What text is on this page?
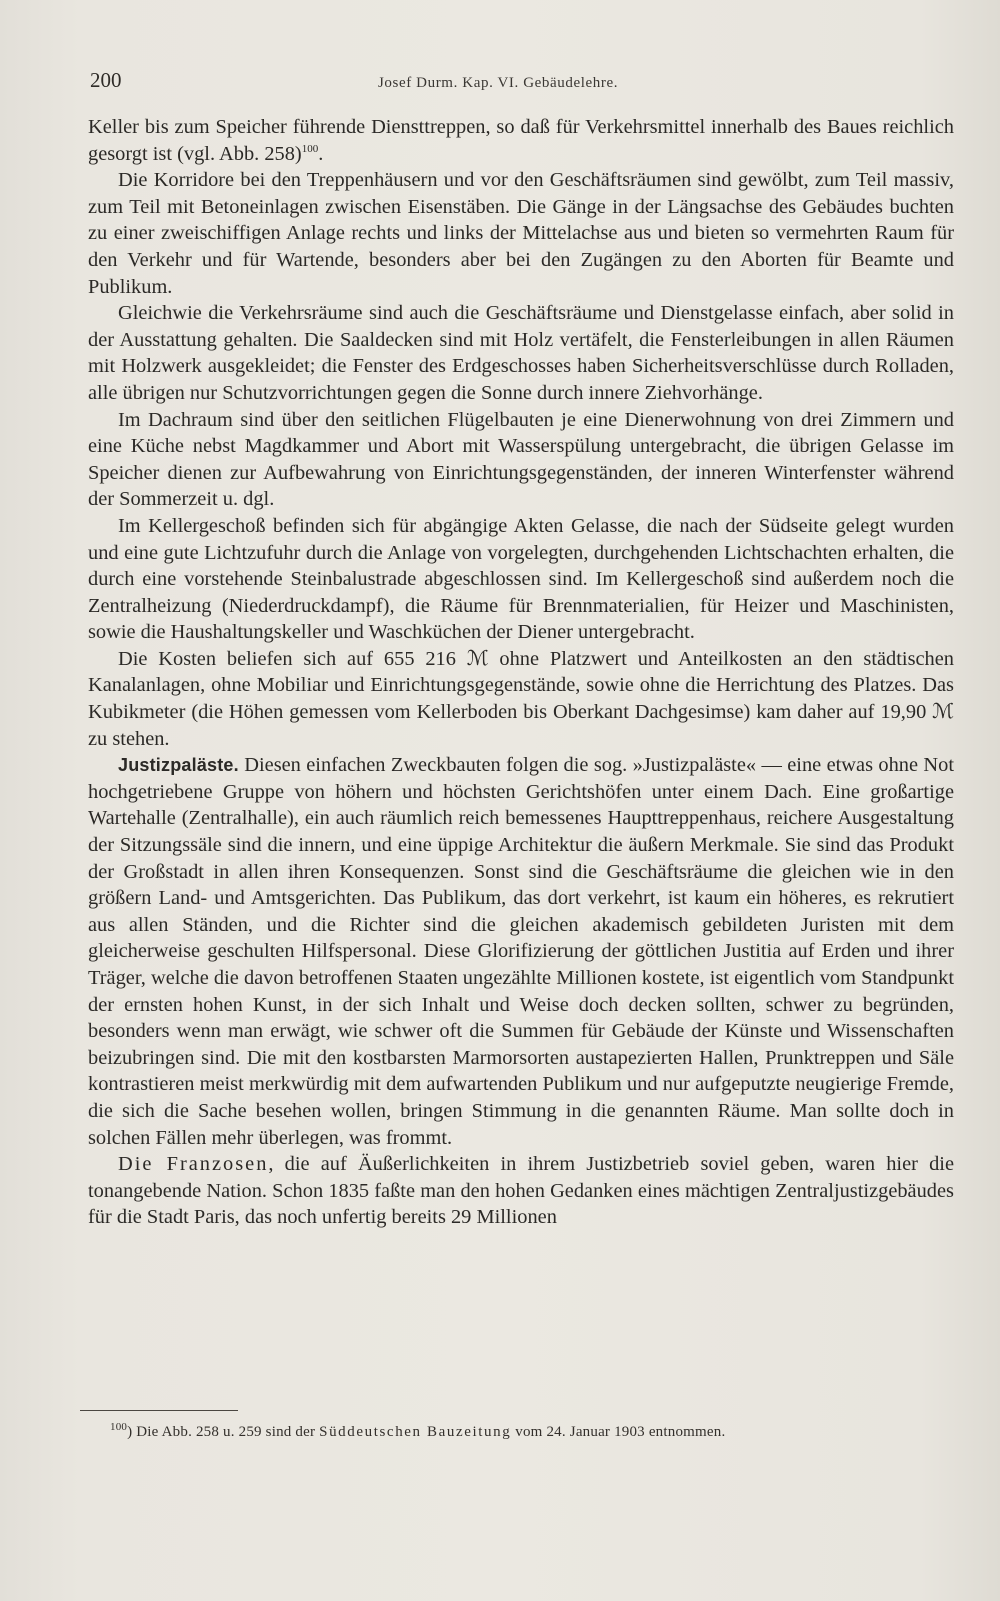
200	Josef Durm. Kap. VI. Gebäudelehre.

Keller bis zum Speicher führende Diensttreppen, so daß für Verkehrsmittel innerhalb des Baues reichlich gesorgt ist (vgl. Abb. 258)$^{100}$.

Die Korridore bei den Treppenhäusern und vor den Geschäftsräumen sind gewölbt, zum Teil massiv, zum Teil mit Betoneinlagen zwischen Eisenstäben. Die Gänge in der Längsachse des Gebäudes buchten zu einer zweischiffigen Anlage rechts und links der Mittelachse aus und bieten so vermehrten Raum für den Verkehr und für Wartende, besonders aber bei den Zugängen zu den Aborten für Beamte und Publikum.

Gleichwie die Verkehrsräume sind auch die Geschäftsräume und Dienstgelasse einfach, aber solid in der Ausstattung gehalten. Die Saaldecken sind mit Holz vertäfelt, die Fensterleibungen in allen Räumen mit Holzwerk ausgekleidet; die Fenster des Erdgeschosses haben Sicherheitsverschlüsse durch Rolladen, alle übrigen nur Schutzvorrichtungen gegen die Sonne durch innere Ziehvorhänge.

Im Dachraum sind über den seitlichen Flügelbauten je eine Dienerwohnung von drei Zimmern und eine Küche nebst Magdkammer und Abort mit Wasserspülung untergebracht, die übrigen Gelasse im Speicher dienen zur Aufbewahrung von Einrichtungsgegenständen, der inneren Winterfenster während der Sommerzeit u. dgl.

Im Kellergeschoß befinden sich für abgängige Akten Gelasse, die nach der Südseite gelegt wurden und eine gute Lichtzufuhr durch die Anlage von vorgelegten, durchgehenden Lichtschachten erhalten, die durch eine vorstehende Steinbalustrade abgeschlossen sind. Im Kellergeschoß sind außerdem noch die Zentralheizung (Niederdruckdampf), die Räume für Brennmaterialien, für Heizer und Maschinisten, sowie die Haushaltungskeller und Waschküchen der Diener untergebracht.

Die Kosten beliefen sich auf 655 216 ℳ ohne Platzwert und Anteilkosten an den städtischen Kanalanlagen, ohne Mobiliar und Einrichtungsgegenstände, sowie ohne die Herrichtung des Platzes. Das Kubikmeter (die Höhen gemessen vom Kellerboden bis Oberkant Dachgesimse) kam daher auf 19,90 ℳ zu stehen.

Justizpaläste. Diesen einfachen Zweckbauten folgen die sog. »Justizpaläste« — eine etwas ohne Not hochgetriebene Gruppe von höhern und höchsten Gerichtshöfen unter einem Dach. Eine großartige Wartehalle (Zentralhalle), ein auch räumlich reich bemessenes Haupttreppenhaus, reichere Ausgestaltung der Sitzungssäle sind die innern, und eine üppige Architektur die äußern Merkmale. Sie sind das Produkt der Großstadt in allen ihren Konsequenzen. Sonst sind die Geschäftsräume die gleichen wie in den größern Land- und Amtsgerichten. Das Publikum, das dort verkehrt, ist kaum ein höheres, es rekrutiert aus allen Ständen, und die Richter sind die gleichen akademisch gebildeten Juristen mit dem gleicherweise geschulten Hilfspersonal. Diese Glorifizierung der göttlichen Justitia auf Erden und ihrer Träger, welche die davon betroffenen Staaten ungezählte Millionen kostete, ist eigentlich vom Standpunkt der ernsten hohen Kunst, in der sich Inhalt und Weise doch decken sollten, schwer zu begründen, besonders wenn man erwägt, wie schwer oft die Summen für Gebäude der Künste und Wissenschaften beizubringen sind. Die mit den kostbarsten Marmorsorten austapezierten Hallen, Prunktreppen und Säle kontrastieren meist merkwürdig mit dem aufwartenden Publikum und nur aufgeputzte neugierige Fremde, die sich die Sache besehen wollen, bringen Stimmung in die genannten Räume. Man sollte doch in solchen Fällen mehr überlegen, was frommt.

Die Franzosen, die auf Äußerlichkeiten in ihrem Justizbetrieb soviel geben, waren hier die tonangebende Nation. Schon 1835 faßte man den hohen Gedanken eines mächtigen Zentraljustizgebäudes für die Stadt Paris, das noch unfertig bereits 29 Millionen

$^{100}$) Die Abb. 258 u. 259 sind der Süddeutschen Bauzeitung vom 24. Januar 1903 entnommen.
